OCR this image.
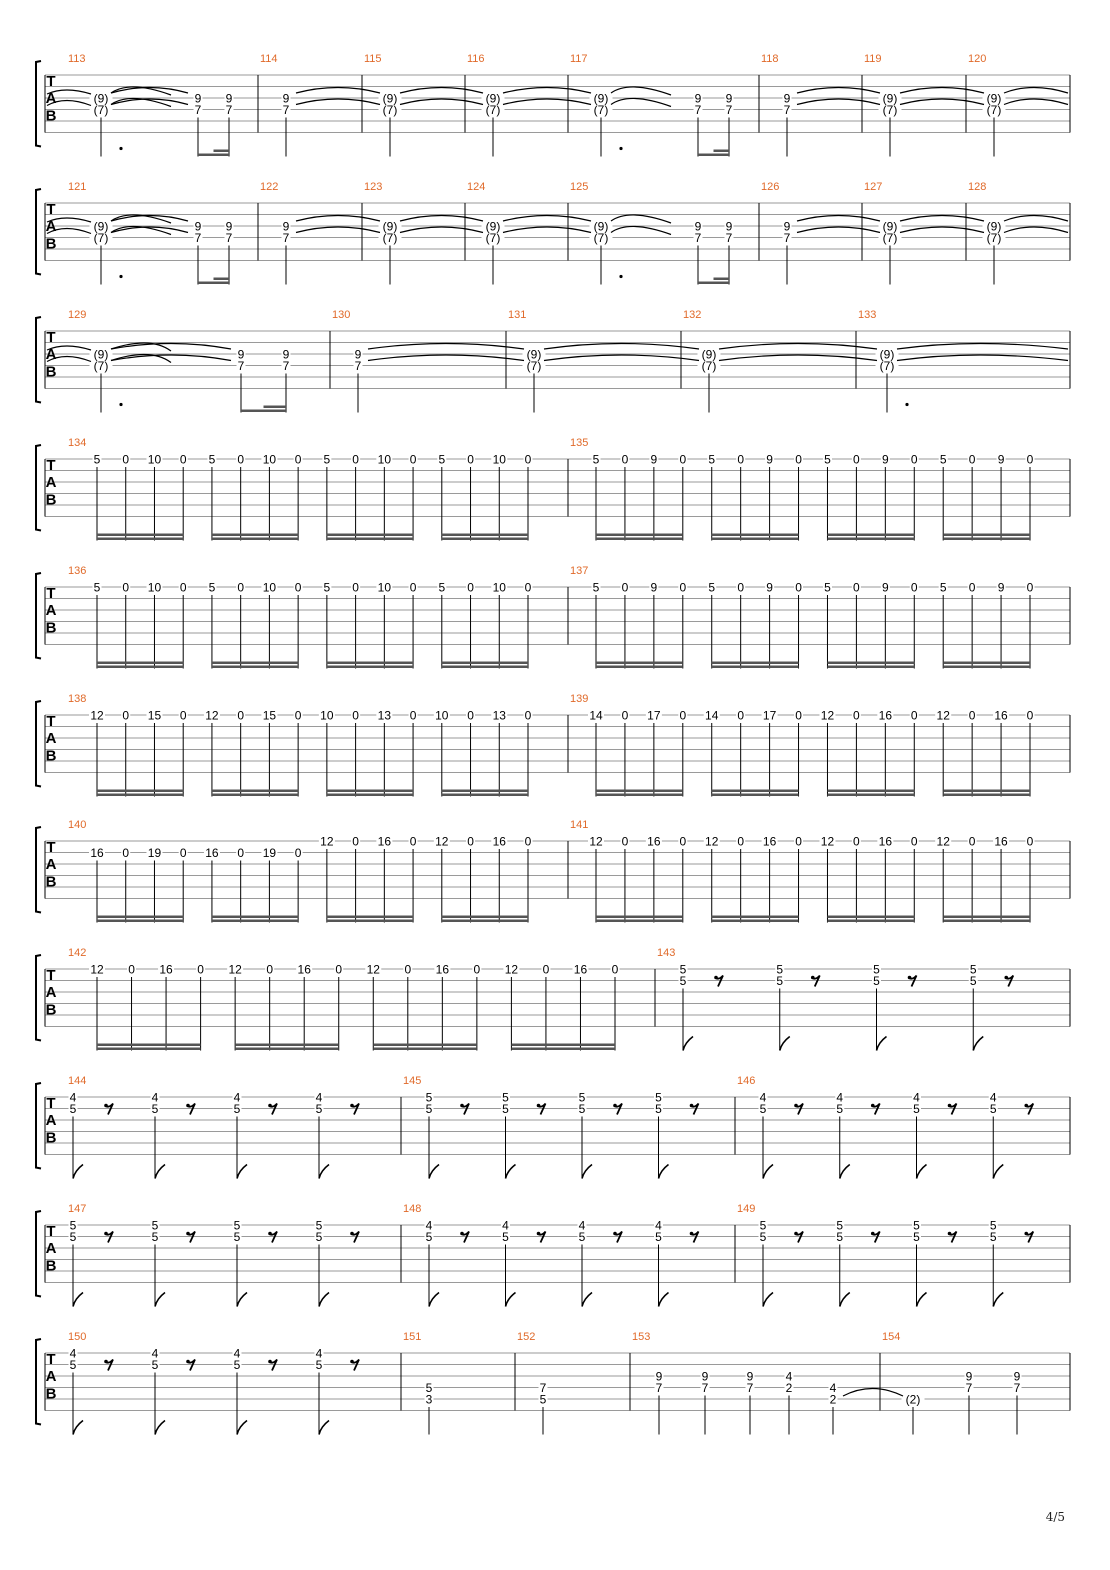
T
A
B
113
(9)
(7)
9
7
9
7
114
9
7
115
(9)
(7)
116
(9)
(7)
117
(9)
(7)
9
7
9
7
118
9
7
119
(9)
(7)
120
(9)
(7)
T
A
B
121
(9)
(7)
9
7
9
7
122
9
7
123
(9)
(7)
124
(9)
(7)
125
(9)
(7)
9
7
9
7
126
9
7
127
(9)
(7)
128
(9)
(7)
T
A
B
129
(9)
(7)
9
7
9
7
130
9
7
131
(9)
(7)
132
(9)
(7)
133
(9)
(7)
T
A
B
134
5 0 10 0 5 0 10 0 5 0 10 0 5 0 10 0
135
5 0 9 0 5 0 9 0 5 0 9 0 5 0 9 0
T
A
B
136
5 0 10 0 5 0 10 0 5 0 10 0 5 0 10 0
137
5 0 9 0 5 0 9 0 5 0 9 0 5 0 9 0
T
A
B
138
12 0 15 0 12 0 15 0 10 0 13 0 10 0 13 0
139
14 0 17 0 14 0 17 0 12 0 16 0 12 0 16 0
T
A
B
140
16 0 19 0 16 0 19 0
12 0 16 0 12 0 16 0
141
12 0 16 0 12 0 16 0 12 0 16 0 12 0 16 0
T
A
B
142
12 0 16 0 12 0 16 0 12 0 16 0 12 0 16 0
143
5
5
5
5
5
5
5
5
T
A
B
144
4
5
4
5
4
5
4
5
145
5
5
5
5
5
5
5
5
146
4
5
4
5
4
5
4
5
T
A
B
147
5
5
5
5
5
5
5
5
148
4
5
4
5
4
5
4
5
149
5
5
5
5
5
5
5
5
T
A
B
150
4
5
4
5
4
5
4
5
151
5
3
152
7
5
153
9
7
9
7
9
7
4
2	4
2
154
(2)
9
7
9
7
4/5
